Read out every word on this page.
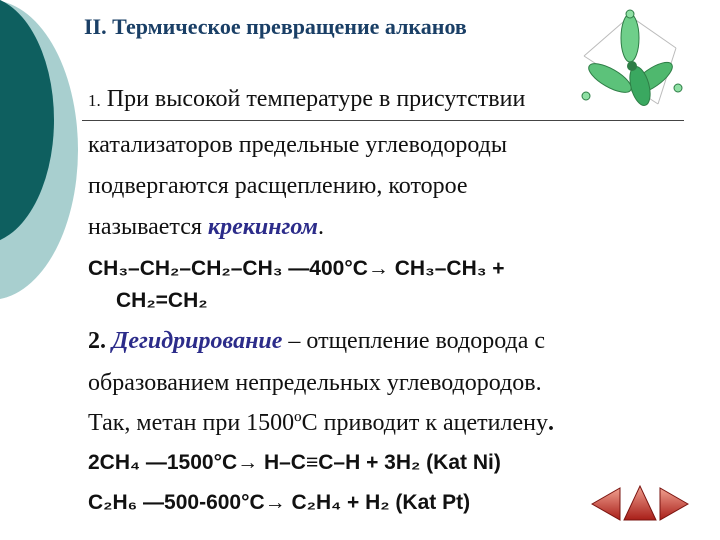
II. Термическое превращение алканов
1. При высокой температуре в присутствии
катализаторов предельные углеводороды
подвергаются расщеплению, которое
называется крекингом.
CH₃–CH₂–CH₂–CH₃ —400°C→ CH₃–CH₃ +
CH₂=CH₂
2. Дегидрирование – отщепление водорода с
образованием непредельных углеводородов.
Так, метан при 1500ºС приводит к ацетилену.
2CH₄ —1500°C→ H–C≡C–H + 3H₂ (Kat Ni)
C₂H₆ —500-600°C→ C₂H₄ + H₂ (Kat Pt)
